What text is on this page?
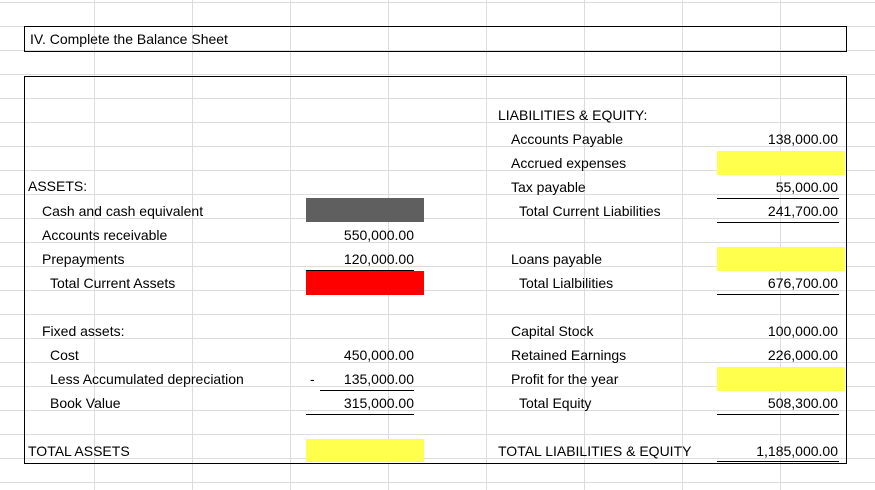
IV. Complete the Balance Sheet
ASSETS:
Cash and cash equivalent
Accounts receivable	550,000.00
Prepayments	120,000.00
Total Current Assets
Fixed assets:
Cost	450,000.00
Less Accumulated depreciation	-	135,000.00
Book Value	315,000.00
TOTAL ASSETS
LIABILITIES & EQUITY:
Accounts Payable	138,000.00
Accrued expenses
Tax payable	55,000.00
Total Current Liabilities	241,700.00
Loans payable
Total Lialbilities	676,700.00
Capital Stock	100,000.00
Retained Earnings	226,000.00
Profit for the year
Total Equity	508,300.00
TOTAL LIABILITIES & EQUITY	1,185,000.00
